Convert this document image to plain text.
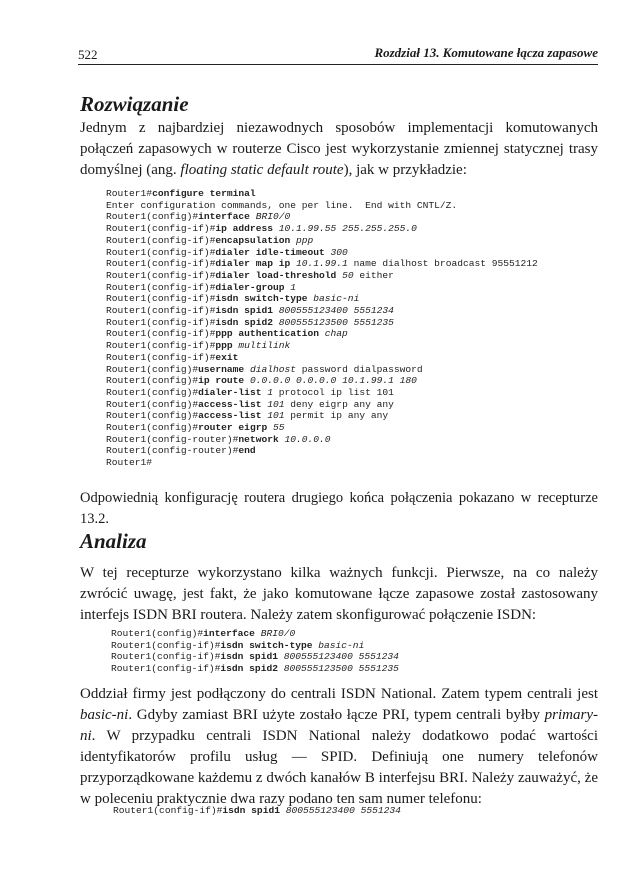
522	Rozdział 13. Komutowane łącza zapasowe
Rozwiązanie

Jednym z najbardziej niezawodnych sposobów implementacji komutowanych połączeń zapasowych w routerze Cisco jest wykorzystanie zmiennej statycznej trasy domyślnej (ang. floating static default route), jak w przykładzie:

Router1#configure terminal
Enter configuration commands, one per line.  End with CNTL/Z.
Router1(config)#interface BRI0/0
Router1(config-if)#ip address 10.1.99.55 255.255.255.0
Router1(config-if)#encapsulation ppp
Router1(config-if)#dialer idle-timeout 300
Router1(config-if)#dialer map ip 10.1.99.1 name dialhost broadcast 95551212
Router1(config-if)#dialer load-threshold 50 either
Router1(config-if)#dialer-group 1
Router1(config-if)#isdn switch-type basic-ni
Router1(config-if)#isdn spid1 800555123400 5551234
Router1(config-if)#isdn spid2 800555123500 5551235
Router1(config-if)#ppp authentication chap
Router1(config-if)#ppp multilink
Router1(config-if)#exit
Router1(config)#username dialhost password dialpassword
Router1(config)#ip route 0.0.0.0 0.0.0.0 10.1.99.1 180
Router1(config)#dialer-list 1 protocol ip list 101
Router1(config)#access-list 101 deny eigrp any any
Router1(config)#access-list 101 permit ip any any
Router1(config)#router eigrp 55
Router1(config-router)#network 10.0.0.0
Router1(config-router)#end
Router1#

Odpowiednią konfigurację routera drugiego końca połączenia pokazano w recepturze 13.2.

Analiza

W tej recepturze wykorzystano kilka ważnych funkcji. Pierwsze, na co należy zwrócić uwagę, jest fakt, że jako komutowane łącze zapasowe został zastosowany interfejs ISDN BRI routera. Należy zatem skonfigurować połączenie ISDN:

Router1(config)#interface BRI0/0
Router1(config-if)#isdn switch-type basic-ni
Router1(config-if)#isdn spid1 800555123400 5551234
Router1(config-if)#isdn spid2 800555123500 5551235

Oddział firmy jest podłączony do centrali ISDN National. Zatem typem centrali jest basic-ni. Gdyby zamiast BRI użyte zostało łącze PRI, typem centrali byłby primary-ni. W przypadku centrali ISDN National należy dodatkowo podać wartości identyfikatorów profilu usług — SPID. Definiują one numery telefonów przyporządkowane każdemu z dwóch kanałów B interfejsu BRI. Należy zauważyć, że w poleceniu praktycznie dwa razy podano ten sam numer telefonu:

Router1(config-if)#isdn spid1 800555123400 5551234
